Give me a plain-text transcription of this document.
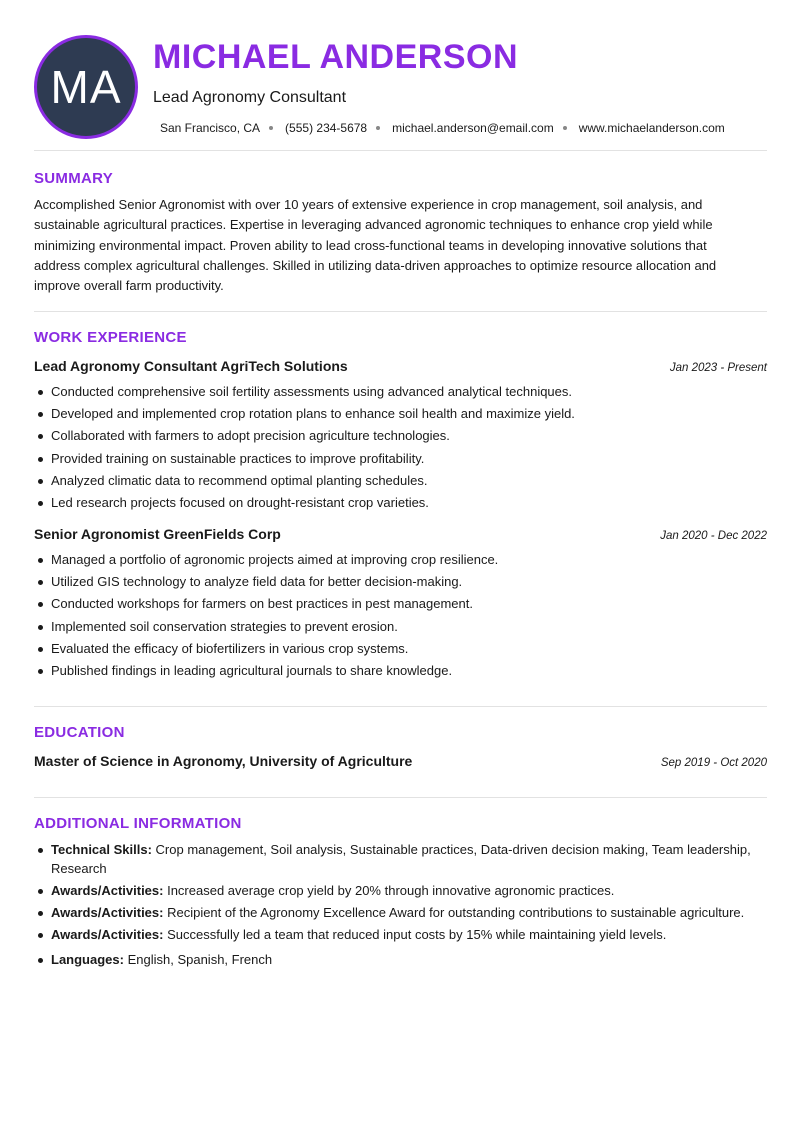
MA
MICHAEL ANDERSON
Lead Agronomy Consultant
San Francisco, CA (555) 234-5678 michael.anderson@email.com www.michaelanderson.com
SUMMARY

Accomplished Senior Agronomist with over 10 years of extensive experience in crop management, soil analysis, and sustainable agricultural practices. Expertise in leveraging advanced agronomic techniques to enhance crop yield while minimizing environmental impact. Proven ability to lead cross-functional teams in developing innovative solutions that address complex agricultural challenges. Skilled in utilizing data-driven approaches to optimize resource allocation and improve overall farm productivity.

WORK EXPERIENCE
Lead Agronomy Consultant AgriTech Solutions	Jan 2023 - Present
Conducted comprehensive soil fertility assessments using advanced analytical techniques.
Developed and implemented crop rotation plans to enhance soil health and maximize yield.
Collaborated with farmers to adopt precision agriculture technologies.
Provided training on sustainable practices to improve profitability.
Analyzed climatic data to recommend optimal planting schedules.
Led research projects focused on drought-resistant crop varieties.
Senior Agronomist GreenFields Corp	Jan 2020 - Dec 2022
Managed a portfolio of agronomic projects aimed at improving crop resilience.
Utilized GIS technology to analyze field data for better decision-making.
Conducted workshops for farmers on best practices in pest management.
Implemented soil conservation strategies to prevent erosion.
Evaluated the efficacy of biofertilizers in various crop systems.
Published findings in leading agricultural journals to share knowledge.
EDUCATION
Master of Science in Agronomy, University of Agriculture	Sep 2019 - Oct 2020
ADDITIONAL INFORMATION
Technical Skills: Crop management, Soil analysis, Sustainable practices, Data-driven decision making, Team leadership, Research
Awards/Activities: Increased average crop yield by 20% through innovative agronomic practices.
Awards/Activities: Recipient of the Agronomy Excellence Award for outstanding contributions to sustainable agriculture.
Awards/Activities: Successfully led a team that reduced input costs by 15% while maintaining yield levels.
Languages: English, Spanish, French
